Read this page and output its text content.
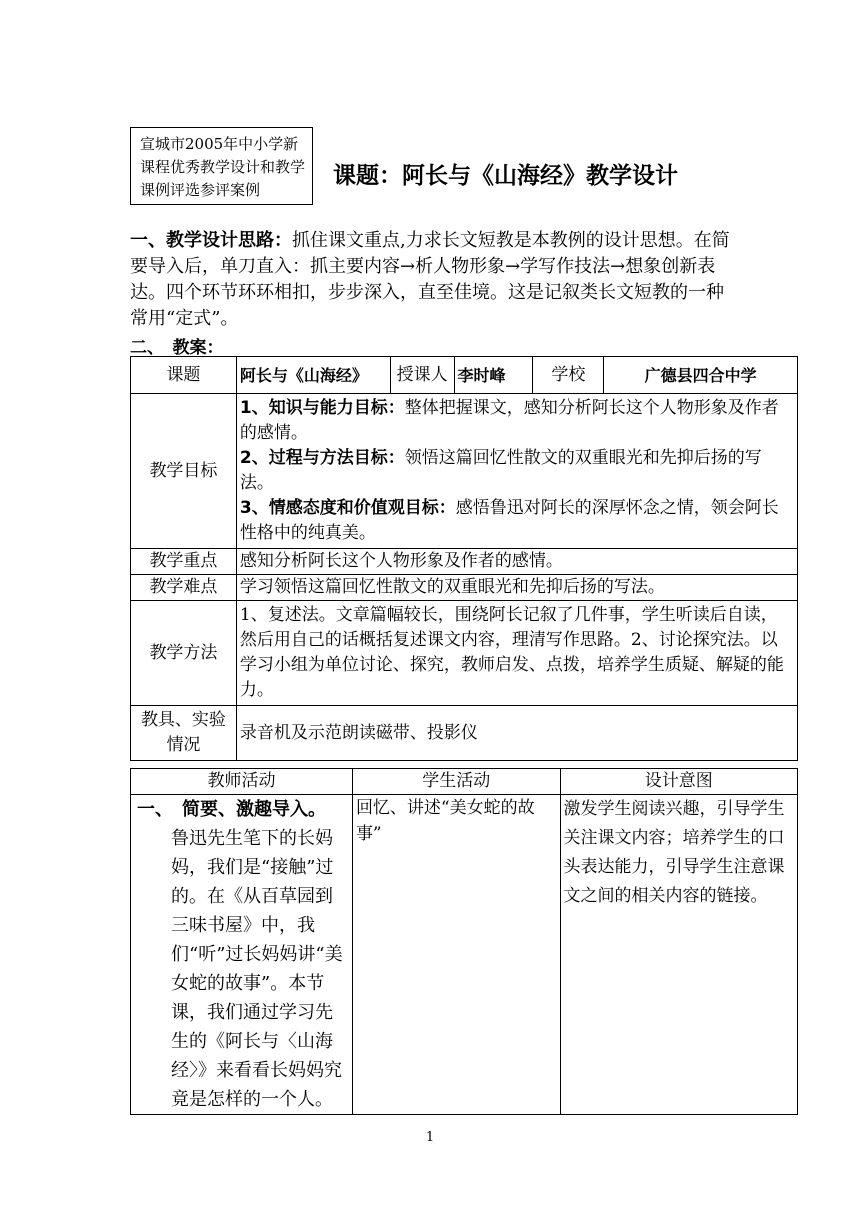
宣城市2005年中小学新课程优秀教学设计和教学课例评选参评案例
课题：阿长与《山海经》教学设计
一、教学设计思路：抓住课文重点,力求长文短教是本教例的设计思想。在简要导入后，单刀直入：抓主要内容→析人物形象→学写作技法→想象创新表达。四个环节环环相扣，步步深入，直至佳境。这是记叙类长文短教的一种常用“定式”。
二、　教案：
课题	阿长与《山海经》	授课人	李时峰	学校	广德县四合中学
教学目标	1、知识与能力目标：整体把握课文，感知分析阿长这个人物形象及作者的感情。
2、过程与方法目标：领悟这篇回忆性散文的双重眼光和先抑后扬的写法。
3、情感态度和价值观目标：感悟鲁迅对阿长的深厚怀念之情，领会阿长性格中的纯真美。				

教学重点	感知分析阿长这个人物形象及作者的感情。				
教学难点	学习领悟这篇回忆性散文的双重眼光和先抑后扬的写法。				
教学方法	1、复述法。文章篇幅较长，围绕阿长记叙了几件事，学生听读后自读，然后用自己的话概括复述课文内容，理清写作思路。2、讨论探究法。以学习小组为单位讨论、探究，教师启发、点拨，培养学生质疑、解疑的能力。				
教具、实验情况	录音机及示范朗读磁带、投影仪				
教师活动	学生活动	设计意图

一、　简要、激趣导入。
鲁迅先生笔下的长妈妈，我们是“接触”过的。在《从百草园到三味书屋》中，我们“听”过长妈妈讲“美女蛇的故事”。本节课，我们通过学习先生的《阿长与〈山海经〉》来看看长妈妈究竟是怎样的一个人。	回忆、讲述“美女蛇的故事”	激发学生阅读兴趣，引导学生关注课文内容；培养学生的口头表达能力，引导学生注意课文之间的相关内容的链接。
1
